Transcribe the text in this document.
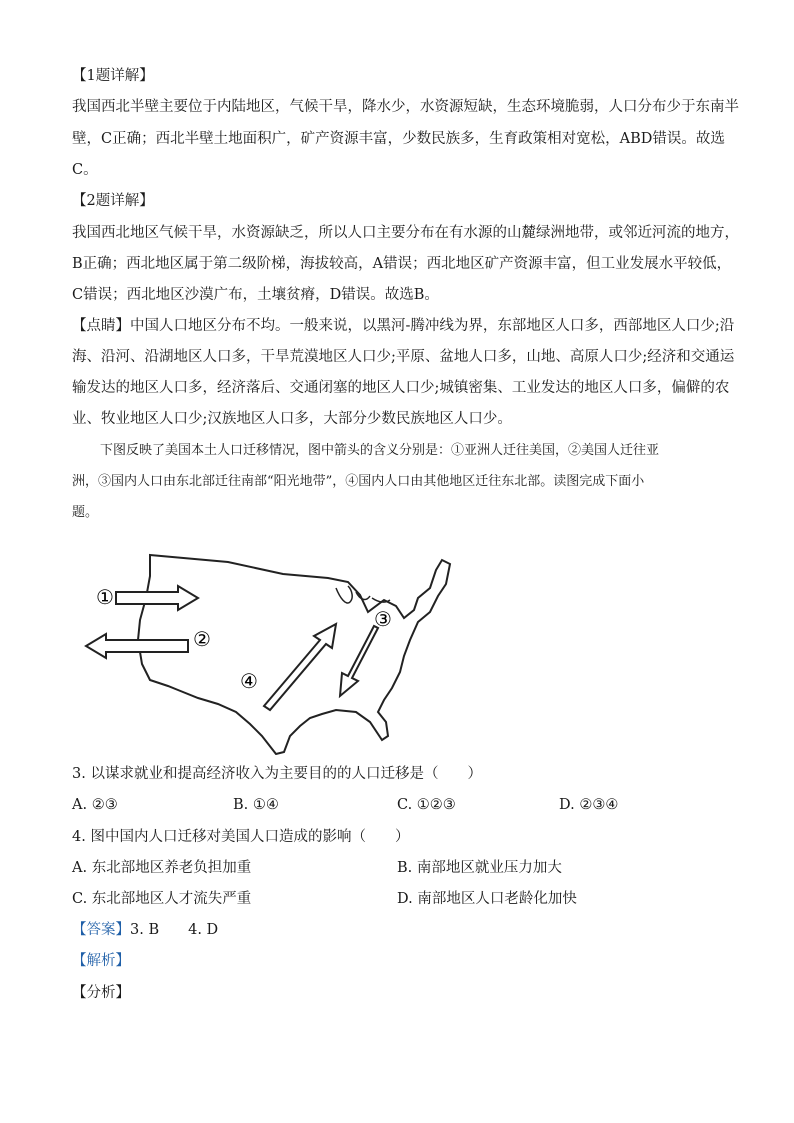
【1题详解】
我国西北半壁主要位于内陆地区，气候干旱，降水少，水资源短缺，生态环境脆弱，人口分布少于东南半
壁，C正确；西北半壁土地面积广，矿产资源丰富，少数民族多，生育政策相对宽松，ABD错误。故选
C。
【2题详解】
我国西北地区气候干旱，水资源缺乏，所以人口主要分布在有水源的山麓绿洲地带，或邻近河流的地方，
B正确；西北地区属于第二级阶梯，海拔较高，A错误；西北地区矿产资源丰富，但工业发展水平较低，
C错误；西北地区沙漠广布，土壤贫瘠，D错误。故选B。
【点睛】中国人口地区分布不均。一般来说，以黑河-腾冲线为界，东部地区人口多，西部地区人口少;沿
海、沿河、沿湖地区人口多，干旱荒漠地区人口少;平原、盆地人口多，山地、高原人口少;经济和交通运
输发达的地区人口多，经济落后、交通闭塞的地区人口少;城镇密集、工业发达的地区人口多，偏僻的农
业、牧业地区人口少;汉族地区人口多，大部分少数民族地区人口少。
下图反映了美国本土人口迁移情况，图中箭头的含义分别是：①亚洲人迁往美国，②美国人迁往亚
洲，③国内人口由东北部迁往南部“阳光地带”，④国内人口由其他地区迁往东北部。读图完成下面小
题。
①
②
③
④
3. 以谋求就业和提高经济收入为主要目的的人口迁移是（　　）
A. ②③	B. ①④	C. ①②③	D. ②③④
4. 图中国内人口迁移对美国人口造成的影响（　　）
A. 东北部地区养老负担加重	B. 南部地区就业压力加大
C. 东北部地区人才流失严重	D. 南部地区人口老龄化加快
【答案】3. B　　4. D
【解析】
【分析】
